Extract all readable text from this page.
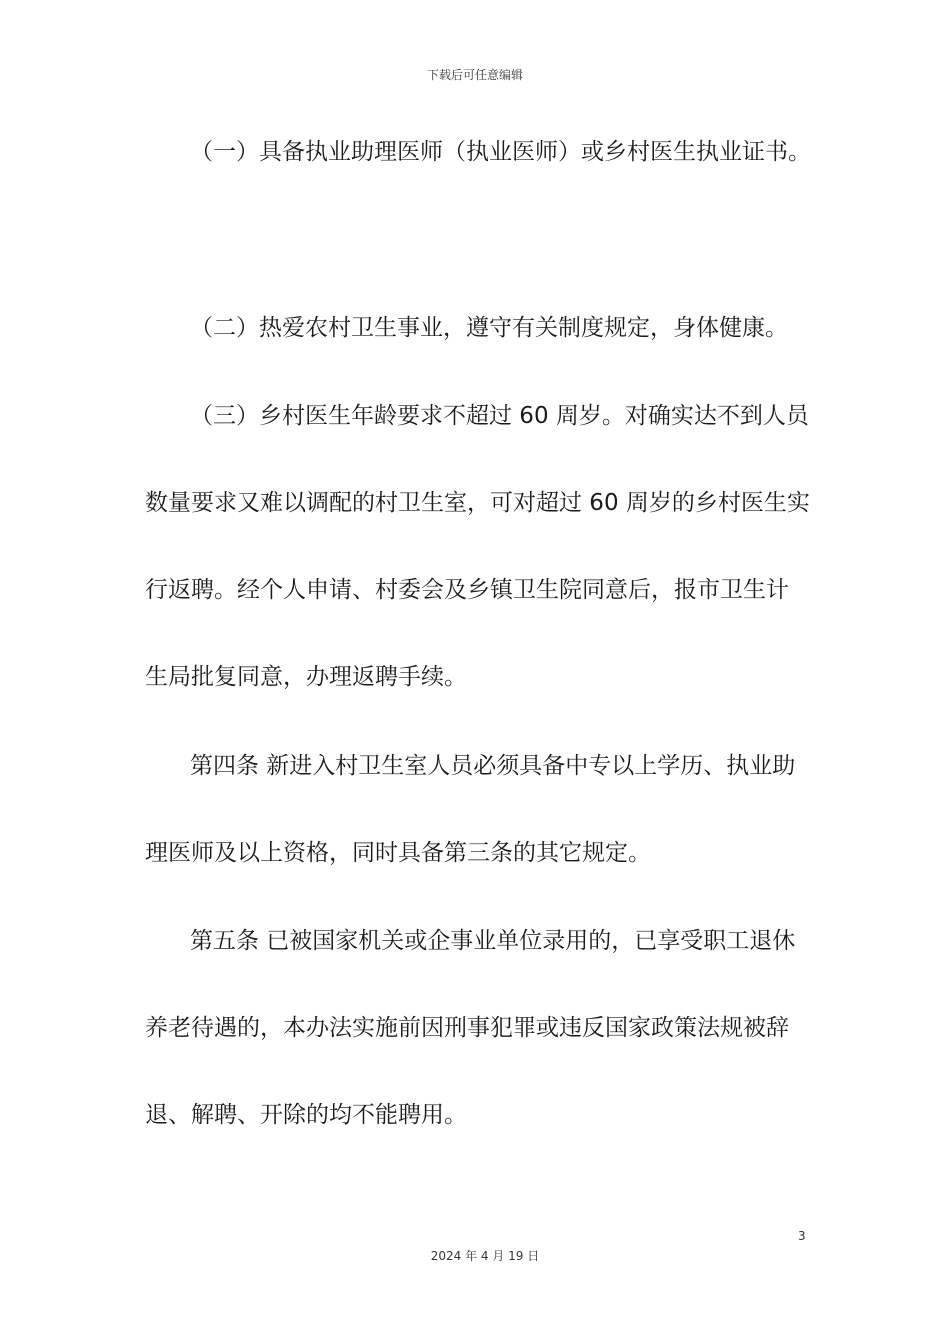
下载后可任意编辑
（一）具备执业助理医师（执业医师）或乡村医生执业证书。
（二）热爱农村卫生事业，遵守有关制度规定，身体健康。
（三）乡村医生年龄要求不超过 60 周岁。对确实达不到人员
数量要求又难以调配的村卫生室，可对超过 60 周岁的乡村医生实
行返聘。经个人申请、村委会及乡镇卫生院同意后，报市卫生计
生局批复同意，办理返聘手续。
第四条 新进入村卫生室人员必须具备中专以上学历、执业助
理医师及以上资格，同时具备第三条的其它规定。
第五条 已被国家机关或企事业单位录用的，已享受职工退休
养老待遇的，本办法实施前因刑事犯罪或违反国家政策法规被辞
退、解聘、开除的均不能聘用。
3
2024 年 4 月 19 日
